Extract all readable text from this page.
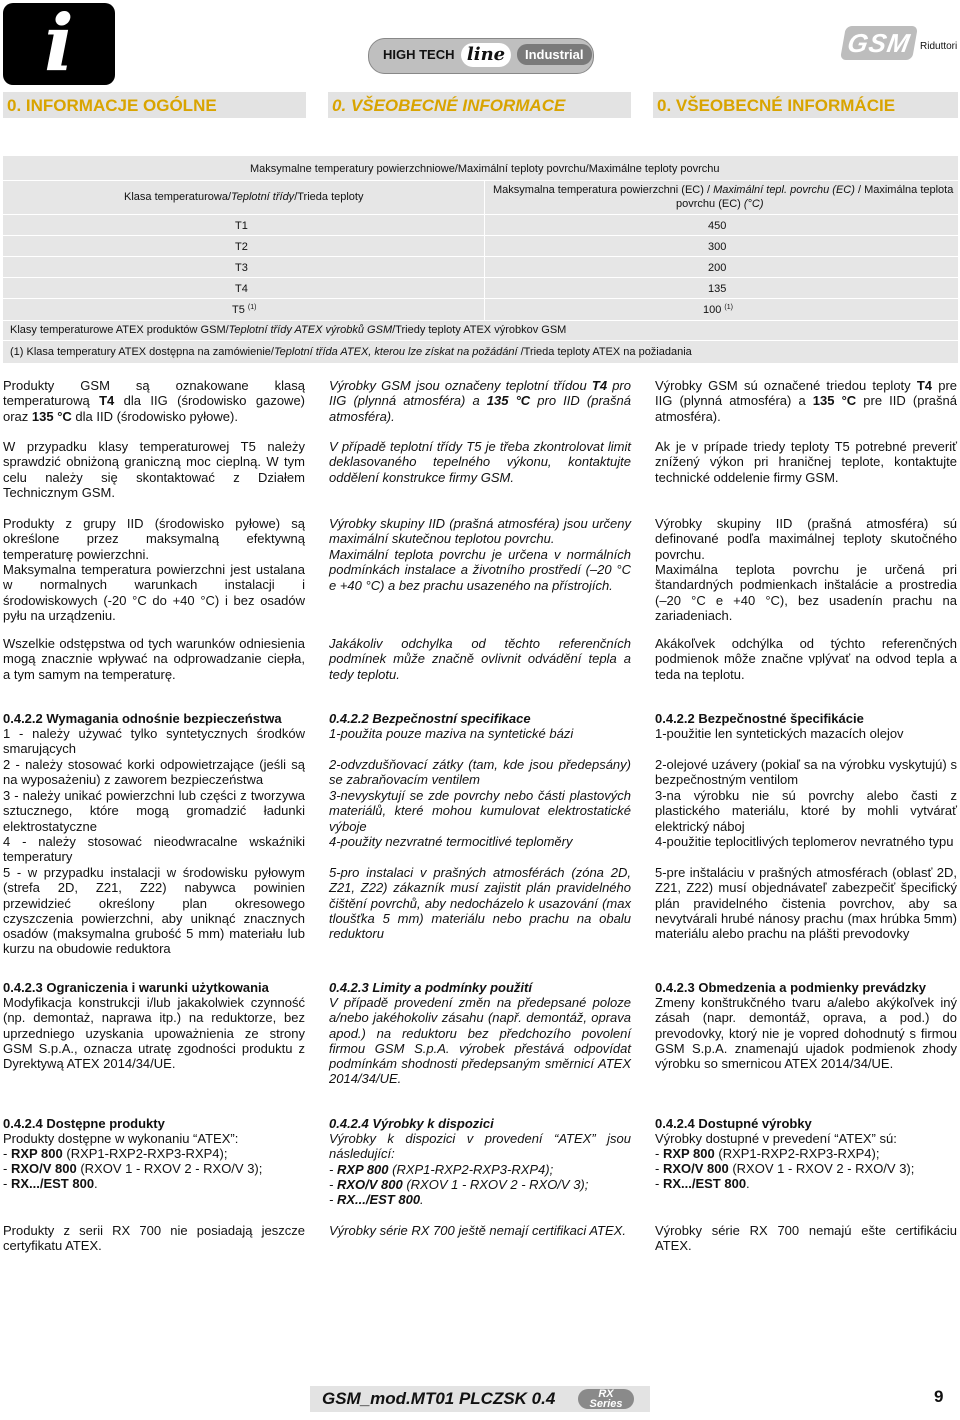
i	HIGH TECH line	Industrial	GSM Riduttori
0. INFORMACJE OGÓLNE	0. VŠEOBECNÉ INFORMACE	0. VŠEOBECNÉ INFORMÁCIE
Maksymalne temperatury powierzchniowe/Maximální teploty povrchu/Maximálne teploty povrchu
Klasa temperaturowa/Teplotní třídy/Trieda teploty
Maksymalna temperatura powierzchni (EC) / Maximální tepl. povrchu (EC) / Maximálna teplota
povrchu (EC) (°C)
T1	450
T2	300
T3	200
T4	135
T5 $^{(1)}$	100 $^{(1)}$
Klasy temperaturowe ATEX produktów GSM/Teplotní třídy ATEX výrobků GSM/Triedy teploty ATEX výrobkov GSM
(1) Klasa temperatury ATEX dostępna na zamówienie/Teplotní třída ATEX, kterou lze získat na požádání /Trieda teploty ATEX na požiadania

Produkty GSM są oznakowane klasą temperaturową T4 dla IIG (środowisko gazowe) oraz 135 °C dla IID (środowisko pyłowe).

W przypadku klasy temperaturowej T5 należy sprawdzić obniżoną graniczną moc cieplną. W tym celu należy się skontaktować z Działem Technicznym GSM.

Produkty z grupy IID (środowisko pyłowe) są określone przez maksymalną efektywną temperaturę powierzchni.

Maksymalna temperatura powierzchni jest ustalana w normalnych warunkach instalacji i środowiskowych (-20 °C do +40 °C) i bez osadów pyłu na urządzeniu.

Wszelkie odstępstwa od tych warunków odniesienia mogą znacznie wpływać na odprowadzanie ciepła, a tym samym na temperaturę.

0.4.2.2 Wymagania odnośnie bezpieczeństwa

1 - należy używać tylko syntetycznych środków smarujących

2 - należy stosować korki odpowietrzające (jeśli są na wyposażeniu) z zaworem bezpieczeństwa

3 - należy unikać powierzchni lub części z tworzywa sztucznego, które mogą gromadzić ładunki elektrostatyczne

4 - należy stosować nieodwracalne wskaźniki temperatury

5 - w przypadku instalacji w środowisku pyłowym (strefa 2D, Z21, Z22) nabywca powinien przewidzieć określony plan okresowego czyszczenia powierzchni, aby uniknąć znacznych osadów (maksymalna grubość 5 mm) materiału lub kurzu na obudowie reduktora

0.4.2.3 Ograniczenia i warunki użytkowania

Modyfikacja konstrukcji i/lub jakakolwiek czynność (np. demontaż, naprawa itp.) na reduktorze, bez uprzedniego uzyskania upoważnienia ze strony GSM S.p.A., oznacza utratę zgodności produktu z Dyrektywą ATEX 2014/34/UE.

0.4.2.4 Dostępne produkty

Produkty dostępne w wykonaniu “ATEX”:

- RXP 800 (RXP1-RXP2-RXP3-RXP4);

- RXO/V 800 (RXOV 1 - RXOV 2 - RXO/V 3);

- RX.../EST 800.

Produkty z serii RX 700 nie posiadają jeszcze certyfikatu ATEX.

Výrobky GSM jsou označeny teplotní třídou T4 pro IIG (plynná atmosféra) a 135 °C pro IID (prašná atmosféra).

V případě teplotní třídy T5 je třeba zkontrolovat limit deklasovaného tepelného výkonu, kontaktujte oddělení konstrukce firmy GSM.

Výrobky skupiny IID (prašná atmosféra) jsou určeny maximální skutečnou teplotou povrchu.

Maximální teplota povrchu je určena v normálních podmínkách instalace a životního prostředí (–20 °C e +40 °C) a bez prachu usazeného na přístrojích.

Jakákoliv odchylka od těchto referenčních podmínek může značně ovlivnit odvádění tepla a tedy teplotu.

0.4.2.2 Bezpečnostní specifikace

1-použita pouze maziva na syntetické bázi

2-odvzdušňovací zátky (tam, kde jsou předepsány) se zabraňovacím ventilem

3-nevyskytují se zde povrchy nebo části plastových materiálů, které mohou kumulovat elektrostatické výboje

4-použity nezvratné termocitlivé teploměry

5-pro instalaci v prašných atmosférách (zóna 2D, Z21, Z22) zákazník musí zajistit plán pravidelného čištění povrchů, aby nedocházelo k usazování (max tloušťka 5 mm) materiálu nebo prachu na obalu reduktoru

0.4.2.3 Limity a podmínky použití

V případě provedení změn na předepsané poloze a/nebo jakéhokoliv zásahu (např. demontáž, oprava apod.) na reduktoru bez předchozího povolení firmou GSM S.p.A. výrobek přestává odpovídat podmínkám shodnosti předepsaným směrnicí ATEX 2014/34/UE.

0.4.2.4 Výrobky k dispozici

Výrobky k dispozici v provedení “ATEX” jsou následující:

- RXP 800 (RXP1-RXP2-RXP3-RXP4);

- RXO/V 800 (RXOV 1 - RXOV 2 - RXO/V 3);

- RX.../EST 800.

Výrobky série RX 700 ještě nemají certifikaci ATEX.

Výrobky GSM sú označené triedou teploty T4 pre IIG (plynná atmosféra) a 135 °C pre IID (prašná atmosféra).

Ak je v prípade triedy teploty T5 potrebné preveriť znížený výkon pri hraničnej teplote, kontaktujte technické oddelenie firmy GSM.

Výrobky skupiny IID (prašná atmosféra) sú definované podľa maximálnej teploty skutočného povrchu.

Maximálna teplota povrchu je určená pri štandardných podmienkach inštalácie a prostredia (–20 °C e +40 °C), bez usadenín prachu na zariadeniach.

Akákoľvek odchýlka od týchto referenčných podmienok môže značne vplývať na odvod tepla a teda na teplotu.

0.4.2.2 Bezpečnostné špecifikácie

1-použitie len syntetických mazacích olejov

2-olejové uzávery (pokiaľ sa na výrobku vyskytujú) s bezpečnostným ventilom

3-na výrobku nie sú povrchy alebo časti z plastického materiálu, ktoré by mohli vytvárať elektrický náboj

4-použitie teplocitlivých teplomerov nevratného typu

5-pre inštaláciu v prašných atmosférach (oblasť 2D, Z21, Z22) musí objednávateľ zabezpečiť špecifický plán pravidelného čistenia povrchov, aby sa nevytvárali hrubé nánosy prachu (max hrúbka 5mm) materiálu alebo prachu na plášti prevodovky

0.4.2.3 Obmedzenia a podmienky prevádzky

Zmeny konštrukčného tvaru a/alebo akýkoľvek iný zásah (napr. demontáž, oprava, a pod.) do prevodovky, ktorý nie je vopred dohodnutý s firmou GSM S.p.A. znamenajú ujadok podmienok zhody výrobku so smernicou ATEX 2014/34/UE.

0.4.2.4 Dostupné výrobky

Výrobky dostupné v prevedení “ATEX” sú:

- RXP 800 (RXP1-RXP2-RXP3-RXP4);

- RXO/V 800 (RXOV 1 - RXOV 2 - RXO/V 3);

- RX.../EST 800.

Výrobky série RX 700 nemajú ešte certifikáciu ATEX.

GSM_mod.MT01 PLCZSK 0.4	RX
Series	9
